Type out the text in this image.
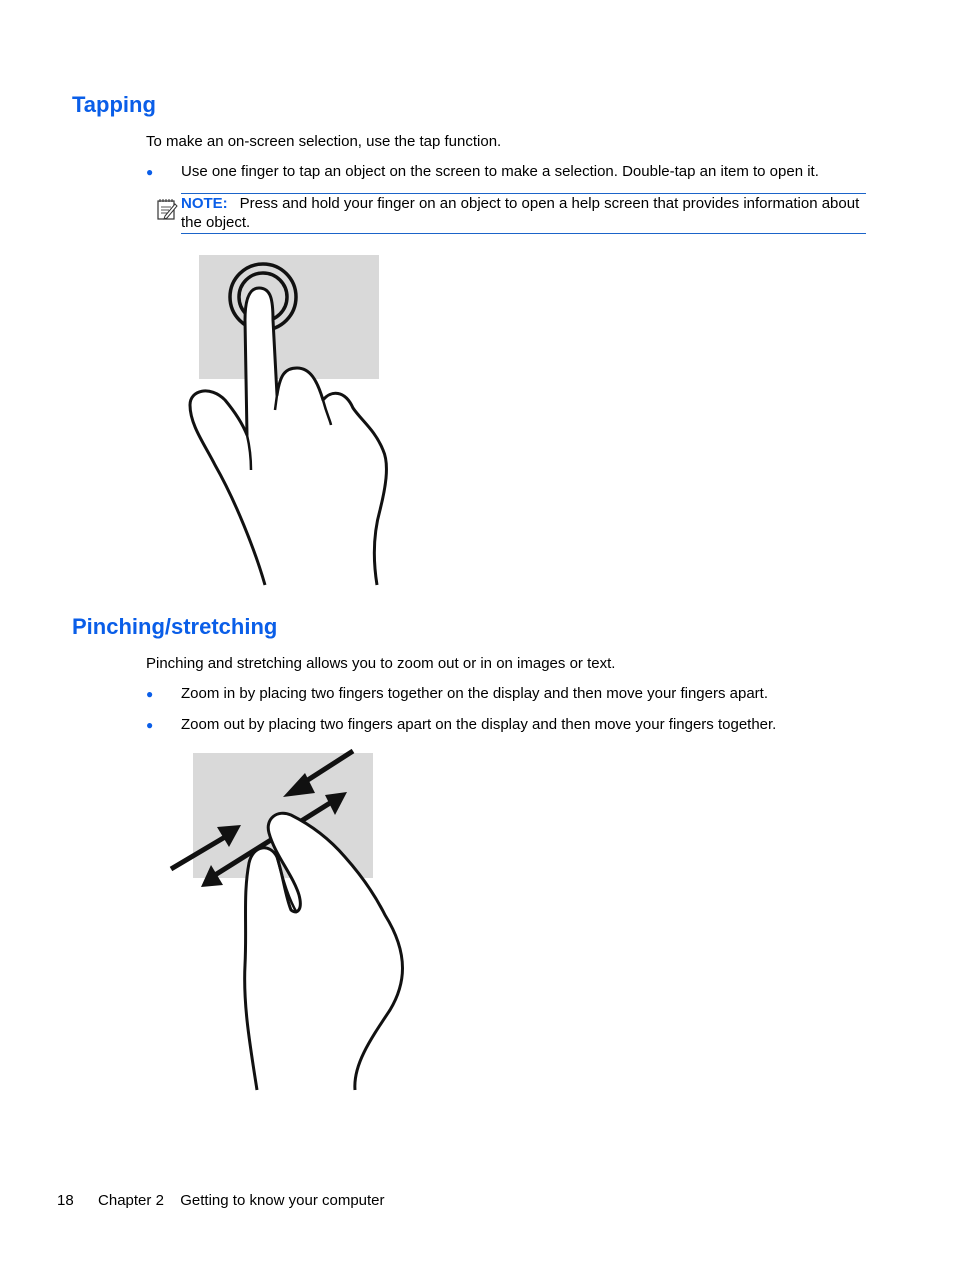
Tapping

To make an on-screen selection, use the tap function.

● Use one finger to tap an object on the screen to make a selection. Double-tap an item to open it.

NOTE: Press and hold your finger on an object to open a help screen that provides information about the object.
Pinching/stretching

Pinching and stretching allows you to zoom out or in on images or text.

● Zoom in by placing two fingers together on the display and then move your fingers apart.

● Zoom out by placing two fingers apart on the display and then move your fingers together.

18 Chapter 2 Getting to know your computer
